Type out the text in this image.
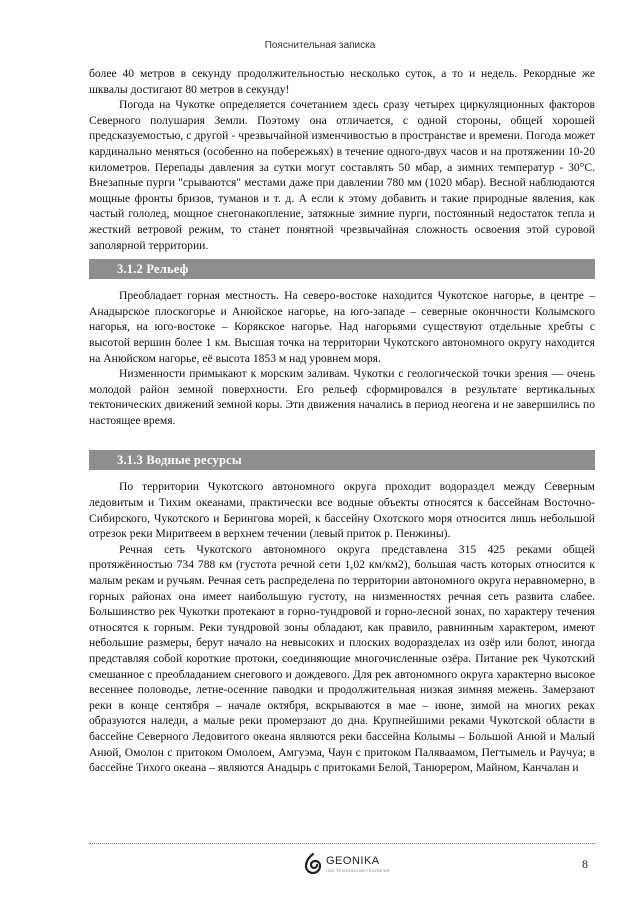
Пояснительная записка

более 40 метров в секунду продолжительностью несколько суток, а то и недель. Рекордные же шквалы достигают 80 метров в секунду!

Погода на Чукотке определяется сочетанием здесь сразу четырех циркуляционных факторов Северного полушария Земли. Поэтому она отличается, с одной стороны, общей хорошей предсказуемостью, с другой - чрезвычайной изменчивостью в пространстве и времени. Погода может кардинально меняться (особенно на побережьях) в течение одного-двух часов и на протяжении 10-20 километров. Перепады давления за сутки могут составлять 50 мбар, а зимних температур - 30°С. Внезапные пурги "срываются" местами даже при давлении 780 мм (1020 мбар). Весной наблюдаются мощные фронты бризов, туманов и т. д. А если к этому добавить и такие природные явления, как частый гололед, мощное снегонакопление, затяжные зимние пурги, постоянный недостаток тепла и жесткий ветровой режим, то станет понятной чрезвычайная сложность освоения этой суровой заполярной территории.

3.1.2 Рельеф

Преобладает горная местность. На северо-востоке находится Чукотское нагорье, в центре – Анадырское плоскогорье и Анюйское нагорье, на юго-западе – северные окончности Колымского нагорья, на юго-востоке – Корякское нагорье. Над нагорьями существуют отдельные хребты с высотой вершин более 1 км. Высшая точка на территории Чукотского автономного округу находится на Анюйском нагорье, её высота 1853 м над уровнем моря.

Низменности примыкают к морским заливам. Чукотки с геологической точки зрения — очень молодой район земной поверхности. Его рельеф сформировался в результате вертикальных тектонических движений земной коры. Эти движения начались в период неогена и не завершились по настоящее время.

3.1.3 Водные ресурсы

По территории Чукотского автономного округа проходит водораздел между Северным ледовитым и Тихим океанами, практически все водные объекты относятся к бассейнам Восточно-Сибирского, Чукотского и Берингова морей, к бассейну Охотского моря относится лишь небольшой отрезок реки Миритвеем в верхнем течении (левый приток р. Пенжины).

Речная сеть Чукотского автономного округа представлена 315 425 реками общей протяжённостью 734 788 км (густота речной сети 1,02 км/км2), большая часть которых относится к малым рекам и ручьям. Речная сеть распределена по территории автономного округа неравномерно, в горных районах она имеет наибольшую густоту, на низменностях речная сеть развита слабее. Большинство рек Чукотки протекают в горно-тундровой и горно-лесной зонах, по характеру течения относятся к горным. Реки тундровой зоны обладают, как правило, равнинным характером, имеют небольшие размеры, берут начало на невысоких и плоских водоразделах из озёр или болот, иногда представляя собой короткие протоки, соединяющие многочисленные озёра. Питание рек Чукотский смешанное с преобладанием снегового и дождевого. Для рек автономного округа характерно высокое весеннее половодье, летне-осенние паводки и продолжительная низкая зимняя межень. Замерзают реки в конце сентября – начале октября, вскрываются в мае – июне, зимой на многих реках образуются наледи, а малые реки промерзают до дна. Крупнейшими реками Чукотской области в бассейне Северного Ледовитого океана являются реки бассейна Колымы – Большой Анюй и Малый Анюй, Омолон с притоком Омолоем, Амгуэма, Чаун с притоком Палявaамом, Пегтымель и Раучуа; в бассейне Тихого океана – являются Анадырь с притоками Белой, Танюрером, Майном, Канчалан и

GEONIKA
ГЕО ТЕХНОЛОГИИ ГЕОЛОГИЯ	8
